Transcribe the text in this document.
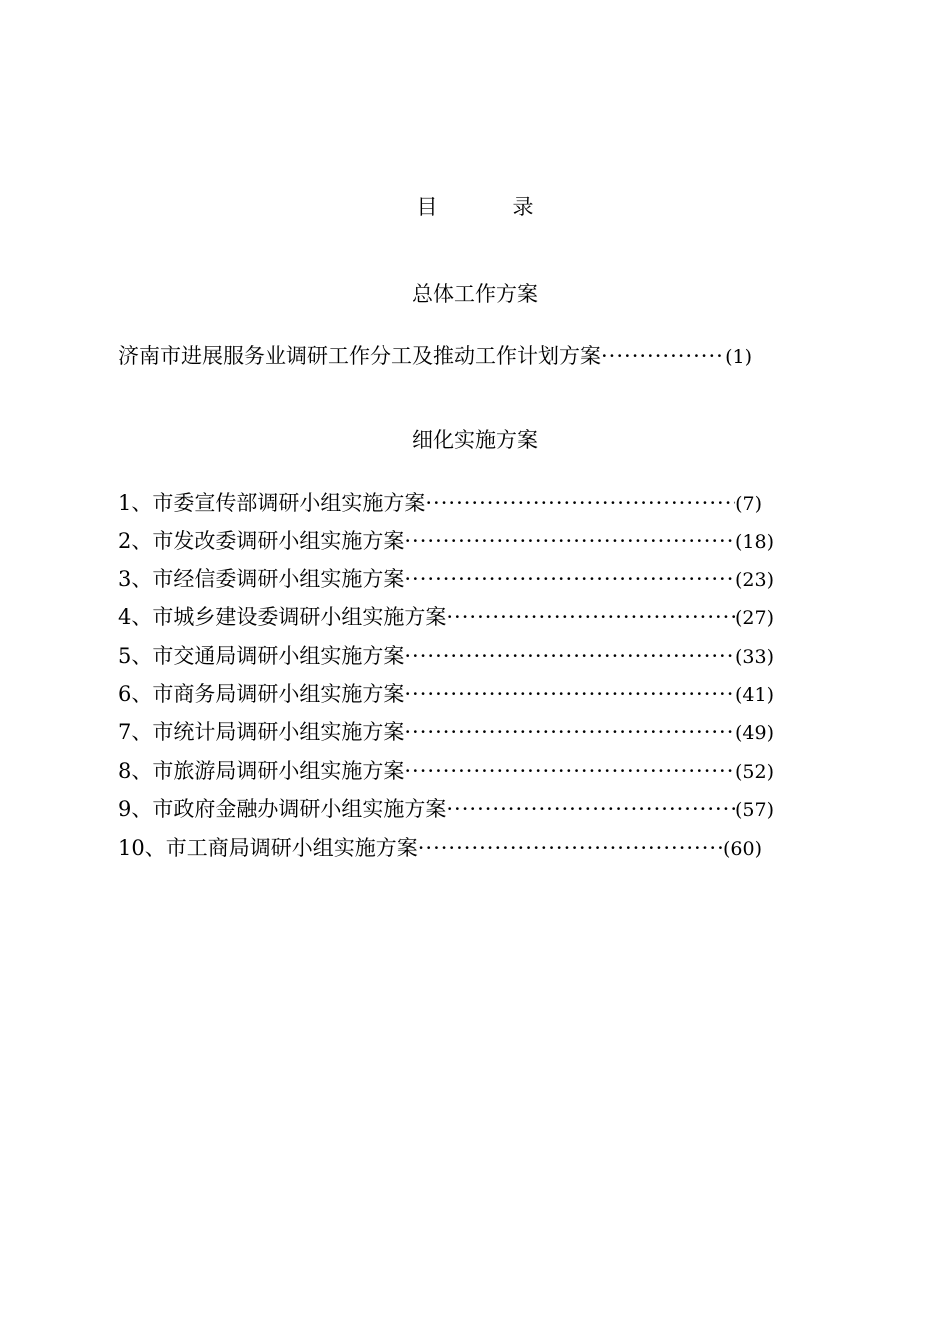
目　录
总体工作方案
济南市进展服务业调研工作分工及推动工作计划方案 ·····	(1)
细化实施方案
1、市委宣传部调研小组实施方案 ·····	(7)
2、市发改委调研小组实施方案 ·····	(18)
3、市经信委调研小组实施方案 ·····	(23)
4、市城乡建设委调研小组实施方案 ·····	(27)
5、市交通局调研小组实施方案 ·····	(33)
6、市商务局调研小组实施方案 ·····	(41)
7、市统计局调研小组实施方案 ·····	(49)
8、市旅游局调研小组实施方案 ·····	(52)
9、市政府金融办调研小组实施方案 ·····	(57)
10、市工商局调研小组实施方案 ·····	(60)
